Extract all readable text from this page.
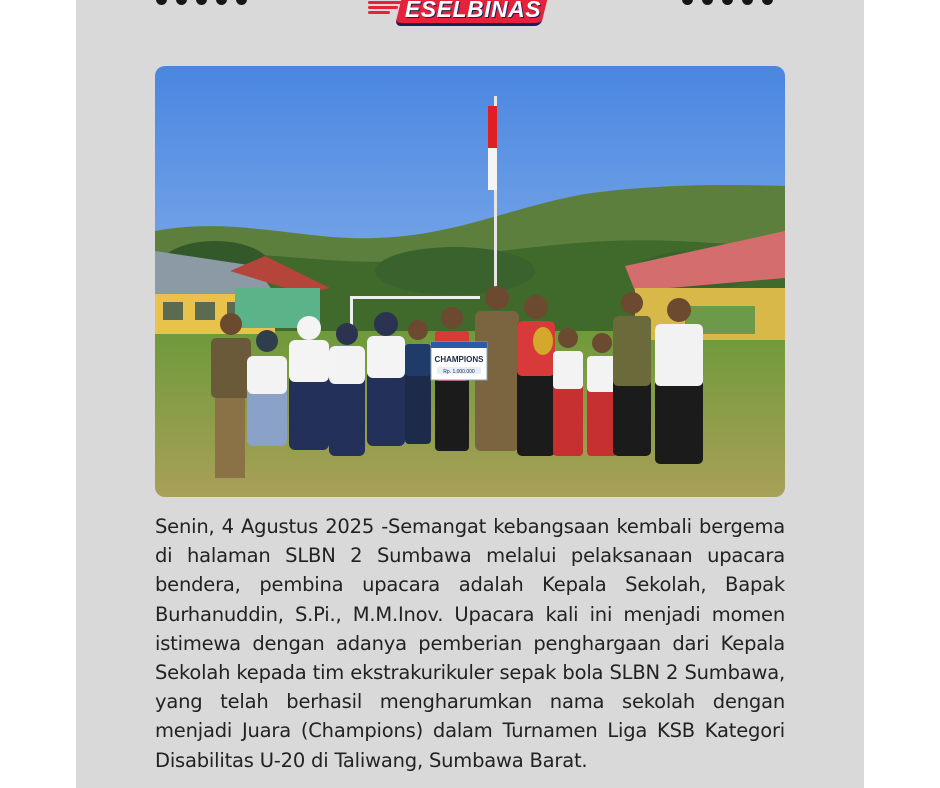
ESELBINAS
CHAMPIONS
Rp. 1.000.000

Senin, 4 Agustus 2025 -Semangat kebangsaan kembali bergema di halaman SLBN 2 Sumbawa melalui pelaksanaan upacara bendera, pembina upacara adalah Kepala Sekolah, Bapak Burhanuddin, S.Pi., M.M.Inov. Upacara kali ini menjadi momen istimewa dengan adanya pemberian penghargaan dari Kepala Sekolah kepada tim ekstrakurikuler sepak bola SLBN 2 Sumbawa, yang telah berhasil mengharumkan nama sekolah dengan menjadi Juara (Champions) dalam Turnamen Liga KSB Kategori Disabilitas U-20 di Taliwang, Sumbawa Barat.
